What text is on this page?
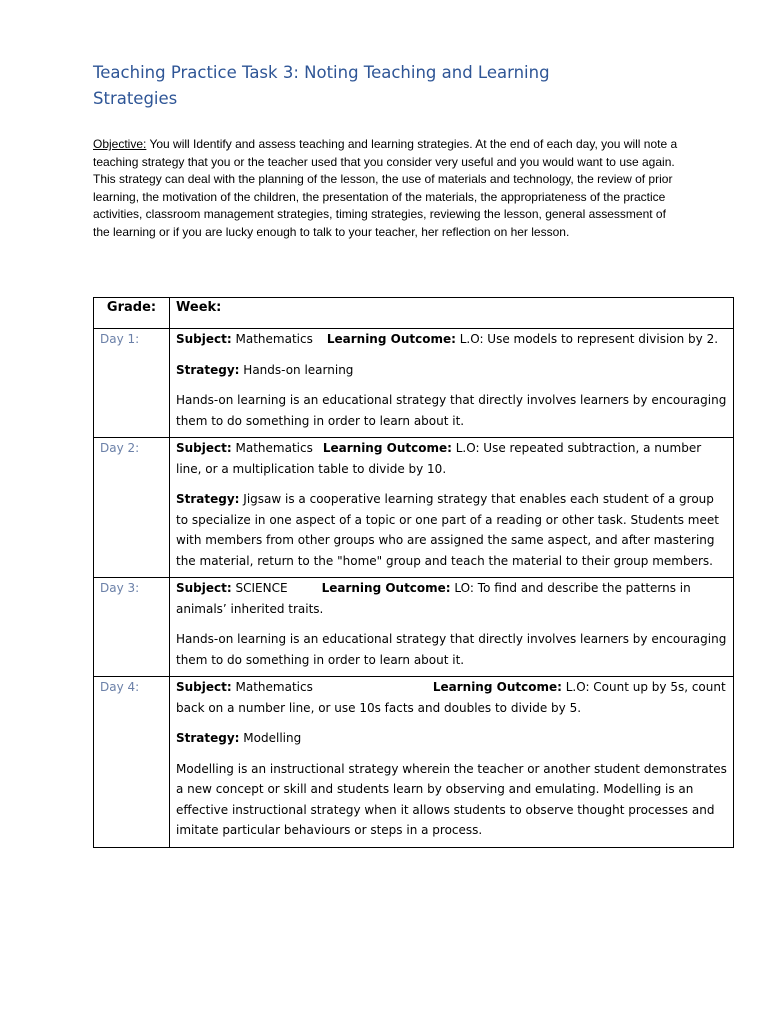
Teaching Practice Task 3: Noting Teaching and Learning
Strategies
Objective: You will Identify and assess teaching and learning strategies. At the end of each day, you will note a teaching strategy that you or the teacher used that you consider very useful and you would want to use again. This strategy can deal with the planning of the lesson, the use of materials and technology, the review of prior learning, the motivation of the children, the presentation of the materials, the appropriateness of the practice activities, classroom management strategies, timing strategies, reviewing the lesson, general assessment of the learning or if you are lucky enough to talk to your teacher, her reflection on her lesson.
Grade:	Week:
Day 1:	Subject: Mathematics Learning Outcome: L.O: Use models to represent division by 2.

Strategy: Hands-on learning

Hands-on learning is an educational strategy that directly involves learners by encouraging them to do something in order to learn about it.

Day 2:	Subject: Mathematics Learning Outcome: L.O: Use repeated subtraction, a number line, or a multiplication table to divide by 10.

Strategy: Jigsaw is a cooperative learning strategy that enables each student of a group to specialize in one aspect of a topic or one part of a reading or other task. Students meet with members from other groups who are assigned the same aspect, and after mastering the material, return to the "home" group and teach the material to their group members.

Day 3:	Subject: SCIENCE Learning Outcome: LO: To find and describe the patterns in animals’ inherited traits.

Hands-on learning is an educational strategy that directly involves learners by encouraging them to do something in order to learn about it.

Day 4:	Subject: Mathematics Learning Outcome: L.O: Count up by 5s, count back on a number line, or use 10s facts and doubles to divide by 5.

Strategy: Modelling

Modelling is an instructional strategy wherein the teacher or another student demonstrates a new concept or skill and students learn by observing and emulating. Modelling is an effective instructional strategy when it allows students to observe thought processes and imitate particular behaviours or steps in a process.
